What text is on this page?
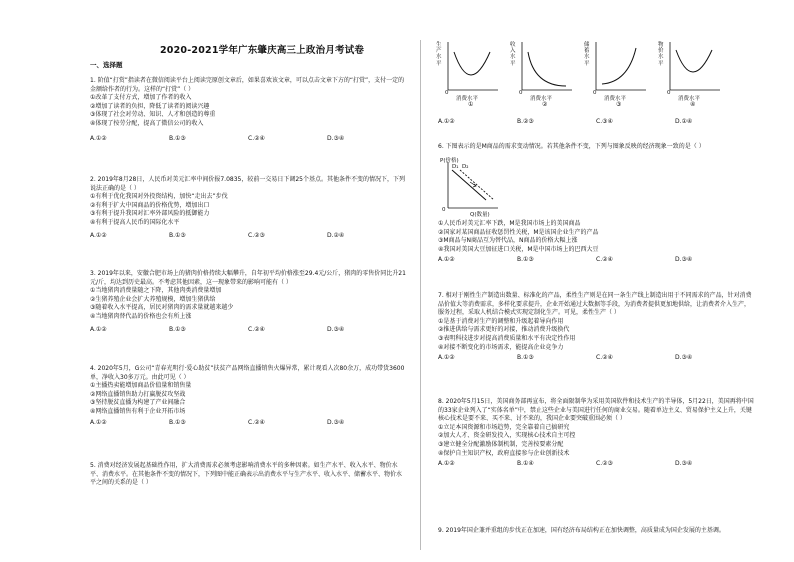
2020-2021学年广东肇庆高三上政治月考试卷
一、选择题

1. 阶值“打赏”指读者在微信阅读平台上阅读完原创文章后，如果喜欢该文章，可以点击文章下方的“打赏”，支付一定的金额给作者的行为。这样的“打赏”（ ）

①改革了支付方式，增加了作者的收入

②增加了读者的负担，降低了读者的阅读兴趣

③体现了社会对劳动、知识、人才和创造的尊重

④体现了按劳分配，提高了微信公司的收入

A.①②	B.①③	C.②④	D.③④

2. 2019年8月28日，人民币对美元汇率中间价报7.0835，较前一交易日下调25个基点。其他条件不变的情况下，下列说法正确的是（ ）

①有利于优化我国对外投资结构，加快“走出去”步伐

②有利于扩大中国商品的价格优势，增加出口

③有利于提升我国对汇率外部风险的抵御能力

④有利于提高人民币的国际化水平

A.①②	B.①③	C.②③	D.②④

3. 2019年以来，安徽合肥市场上的猪肉价格持续大幅攀升，自年初平均价格涨至29.4元/公斤，猪肉的零售价同比升21元/斤，均达到历史最高。不考虑其他因素，这一现象带来的影响可能有（ ）

①当地猪肉消费量随之下降，其他肉类消费量增加

②生猪养殖企业会扩大养殖规模，增加生猪供给

③随着收入水平提高，居民对猪肉的需求量就越来越少

④当地猪肉替代品的价格也会有所上涨

A.①②	B.①③	C.②④	D.③④

4. 2020年5月，G公司“青春光明行·爱心助贫”扶贫产品网络直播销售火爆异常，累计观看人次80余万，成功带货3600单，净收入30多万元。由此可见（ ）

①主播热卖能增加商品价值量和销售量

②网络直播销售助力打赢脱贫攻坚战

③坚持脱贫直播为构建了产业间融合

④网络直播销售有利于企业开拓市场

A.①②	B.①③	C.②④	D.③④

5. 消费对经济发展起基础性作用，扩大消费需求必须考虑影响消费水平的多种因素。如生产水平、收入水平、物价水平、消费水平。在其他条件不变的情况下，下列图中能正确表示出消费水平与生产水平、收入水平、储蓄水平、物价水平之间的关系的是（ ）

生产水平
0
消费水平
①
收入水平
0
消费水平
②
储蓄水平
0
消费水平
③
物价水平
0
消费水平
④
A.①②	B.②③	C.③④	D.①④

6. 下图表示的是M商品的需求变动情况。若其他条件不变，下列与图象反映的经济现象一致的是（ ）

P(价格)
D₁ D₂
0
Q(数量)

①人民币对美元汇率下跌，M是我国市场上的美国商品

②国家对某国商品征收惩罚性关税，M是该国企业生产的产品

③M商品与N商品互为替代品，N商品的价格大幅上涨

④我国对美国大豆加征进口关税，M是中国市场上的巴西大豆

A.①②	B.①③	C.②④	D.③④

7. 相对于刚性生产制造出数量、标准化的产品，柔性生产则是在同一条生产线上制造出用于不同需求的产品，针对消费品价值大等消费需求，多样化要求提升，企业开始通过大数据等手段，为消费者提供更加地供给，让消费者介入生产，服务过程，采取人机结合模式实现定制化生产。可见，柔性生产（ ）

①是基于消费对生产的调整和升级起着导向作用

②推进供给与需求更好的对接，推动消费升级换代

③表明科技进步对提高消费质量和水平有决定性作用

④对接不断变化的市场需求，能提高企业竞争力

A.①②	B.①③	C.②④	D.③④

8. 2020年5月15日，美国商务部再宣布，将全面限制华为采用美国软件和技术生产的半导体，5月22日，美国再将中国的33家企业列入了“实体名单”中，禁止这些企业与美国进行任何的商业交易。随着单边主义、贸易保护主义上升，关键核心技术是要不来、买不来、讨不来的，我国企业要突破重围必须（ ）

①立足本国资源和市场趋势，完全靠着自己搞研究

②加大人才、资金研发投入，实现核心技术自主可控

③建立健全分配激励体制机制，完善按要素分配

④保护自主知识产权，政府直接参与企业创新技术

A.①②	B.①④	C.②③	D.③④

9. 2019年国企兼并重组的步伐正在加速，国有经济布局结构正在加快调整，高质量成为国企发展的主基调。
